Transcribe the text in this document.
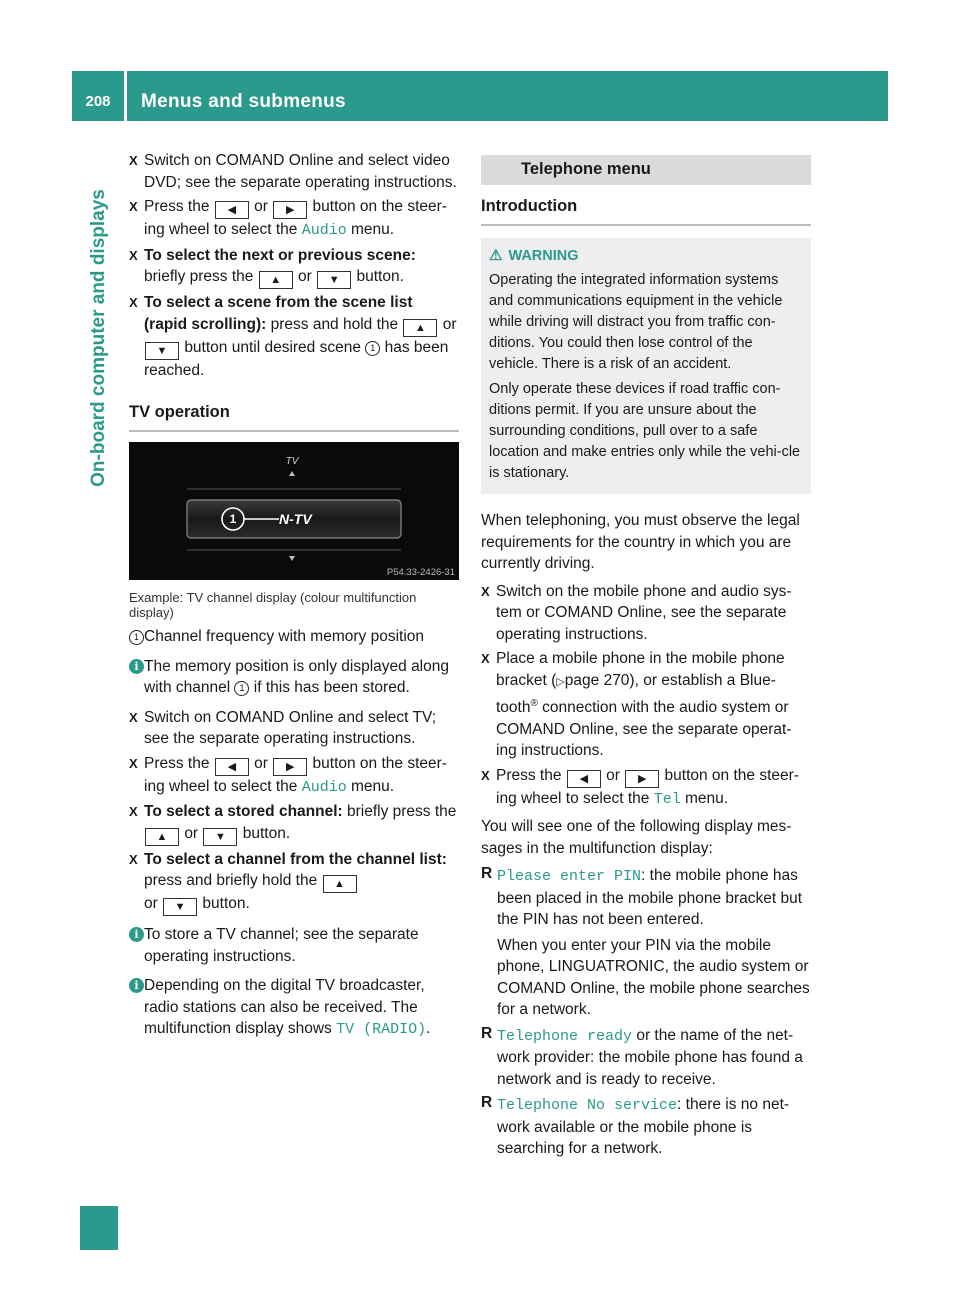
208	Menus and submenus
On-board computer and displays

X Switch on COMAND Online and select video DVD; see the separate operating instructions.

X Press the ◀ or ▶ button on the steer-ing wheel to select the Audio menu.

X To select the next or previous scene:
briefly press the ▲ or ▼ button.

X To select a scene from the scene list (rapid scrolling): press and hold the ▲ or ▼ button until desired scene 1 has been reached.

TV operation
1
TV
N-TV
P54.33-2426-31

Example: TV channel display (colour multifunction display)

1 Channel frequency with memory position

i The memory position is only displayed along with channel 1 if this has been stored.

X Switch on COMAND Online and select TV; see the separate operating instructions.

X Press the ◀ or ▶ button on the steer-ing wheel to select the Audio menu.

X To select a stored channel: briefly press the ▲ or ▼ button.

X To select a channel from the channel list: press and briefly hold the ▲
or ▼ button.

i To store a TV channel; see the separate operating instructions.

i Depending on the digital TV broadcaster, radio stations can also be received. The multifunction display shows TV (RADIO).

Telephone menu
Introduction
⚠ WARNING

Operating the integrated information systems and communications equipment in the vehicle while driving will distract you from traffic con-ditions. You could then lose control of the vehicle. There is a risk of an accident.

Only operate these devices if road traffic con-ditions permit. If you are unsure about the surrounding conditions, pull over to a safe location and make entries only while the vehi-cle is stationary.

When telephoning, you must observe the legal requirements for the country in which you are currently driving.

X Switch on the mobile phone and audio sys-tem or COMAND Online, see the separate operating instructions.

X Place a mobile phone in the mobile phone bracket (▷page 270), or establish a Blue-tooth® connection with the audio system or COMAND Online, see the separate operat-ing instructions.

X Press the ◀ or ▶ button on the steer-ing wheel to select the Tel menu.

You will see one of the following display mes-sages in the multifunction display:

R Please enter PIN: the mobile phone has been placed in the mobile phone bracket but the PIN has not been entered.

When you enter your PIN via the mobile phone, LINGUATRONIC, the audio system or COMAND Online, the mobile phone searches for a network.

R Telephone ready or the name of the net-work provider: the mobile phone has found a network and is ready to receive.

R Telephone No service: there is no net-work available or the mobile phone is searching for a network.
